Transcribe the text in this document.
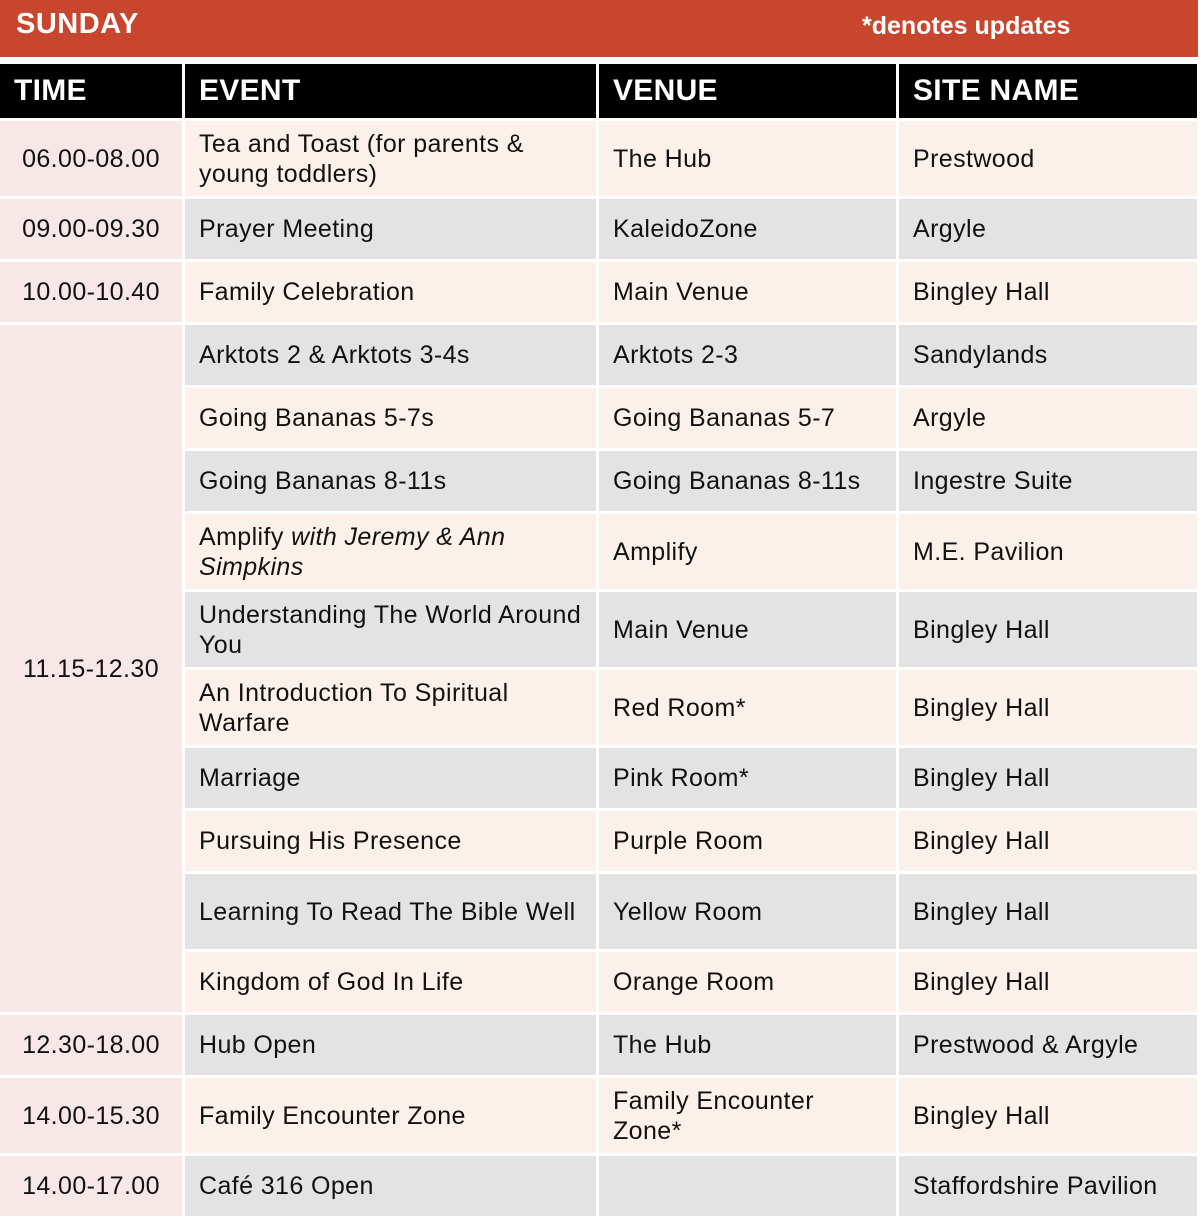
SUNDAY	*denotes updates
TIME	EVENT	VENUE	SITE NAME
06.00-08.00	Tea and Toast (for parents & young toddlers)	The Hub	Prestwood
09.00-09.30	Prayer Meeting	KaleidoZone	Argyle
10.00-10.40	Family Celebration	Main Venue	Bingley Hall
11.15-12.30	Arktots 2 & Arktots 3-4s	Arktots 2-3	Sandylands
	Going Bananas 5-7s	Going Bananas 5-7	Argyle
	Going Bananas 8-11s	Going Bananas 8-11s	Ingestre Suite
	Amplify with Jeremy & Ann Simpkins	Amplify	M.E. Pavilion
	Understanding The World Around You	Main Venue	Bingley Hall
	An Introduction To Spiritual Warfare	Red Room*	Bingley Hall
	Marriage	Pink Room*	Bingley Hall
	Pursuing His Presence	Purple Room	Bingley Hall
	Learning To Read The Bible Well	Yellow Room	Bingley Hall
	Kingdom of God In Life	Orange Room	Bingley Hall
12.30-18.00	Hub Open	The Hub	Prestwood & Argyle
14.00-15.30	Family Encounter Zone	Family Encounter Zone*	Bingley Hall
14.00-17.00	Café 316 Open		Staffordshire Pavilion
